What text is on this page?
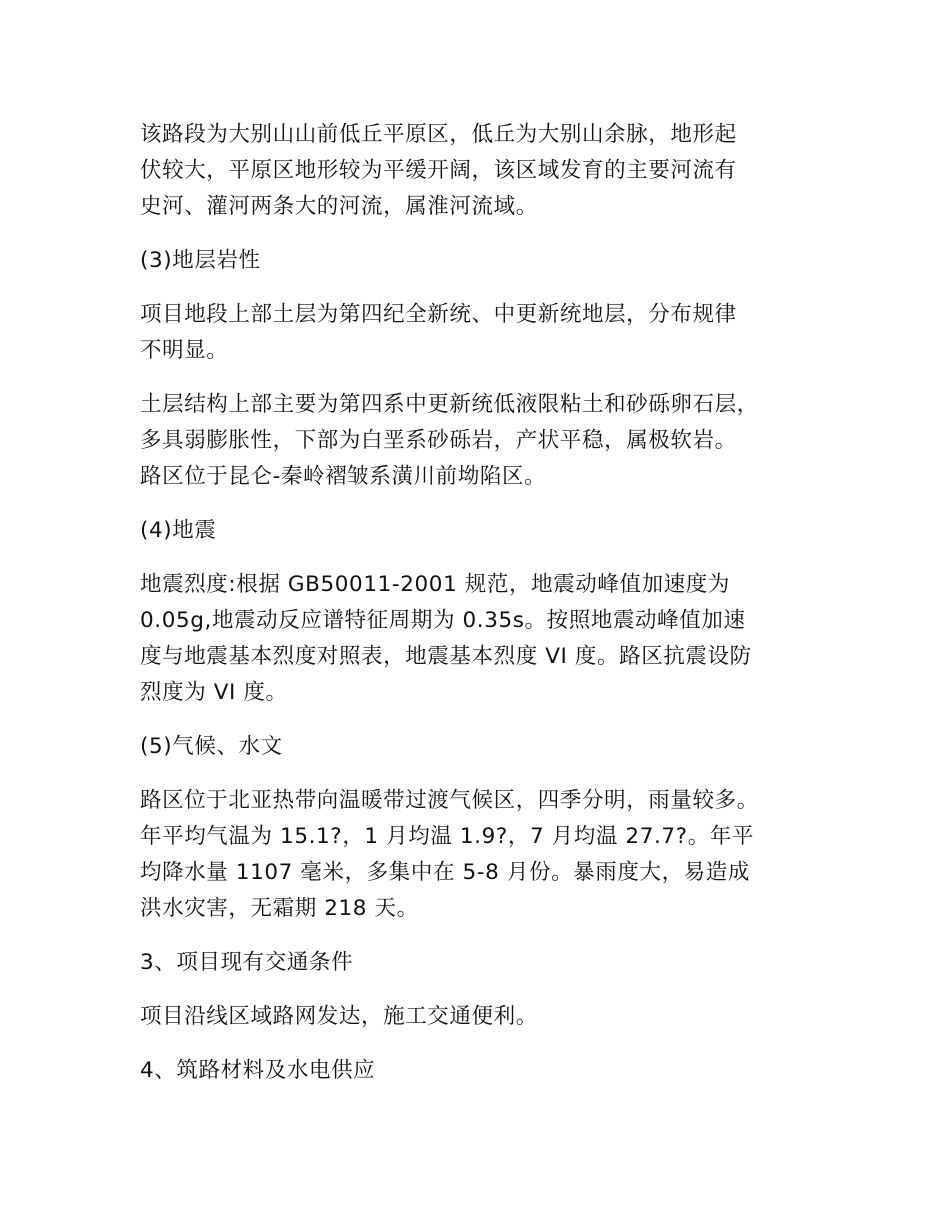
该路段为大别山山前低丘平原区，低丘为大别山余脉，地形起
伏较大，平原区地形较为平缓开阔，该区域发育的主要河流有
史河、灌河两条大的河流，属淮河流域。

(3)地层岩性

项目地段上部土层为第四纪全新统、中更新统地层，分布规律
不明显。

土层结构上部主要为第四系中更新统低液限粘土和砂砾卵石层，
多具弱膨胀性，下部为白垩系砂砾岩，产状平稳，属极软岩。
路区位于昆仑-秦岭褶皱系潢川前坳陷区。

(4)地震

地震烈度:根据 GB50011-2001 规范，地震动峰值加速度为
0.05g,地震动反应谱特征周期为 0.35s。按照地震动峰值加速
度与地震基本烈度对照表，地震基本烈度 VI 度。路区抗震设防
烈度为 VI 度。

(5)气候、水文

路区位于北亚热带向温暖带过渡气候区，四季分明，雨量较多。
年平均气温为 15.1?，1 月均温 1.9?，7 月均温 27.7?。年平
均降水量 1107 毫米，多集中在 5-8 月份。暴雨度大，易造成
洪水灾害，无霜期 218 天。

3、项目现有交通条件

项目沿线区域路网发达，施工交通便利。

4、筑路材料及水电供应
